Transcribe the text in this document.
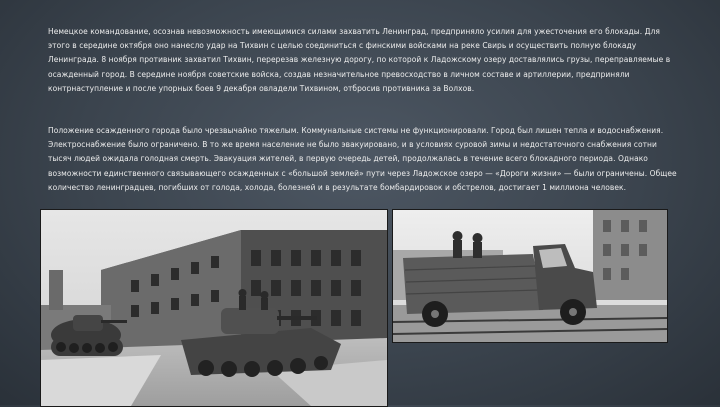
Немецкое командование, осознав невозможность имеющимися силами захватить Ленинград, предприняло усилия для ужесточения его блокады. Для этого в середине октября оно нанесло удар на Тихвин с целью соединиться с финскими войсками на реке Свирь и осуществить полную блокаду Ленинграда. 8 ноября противник захватил Тихвин, перерезав железную дорогу, по которой к Ладожскому озеру доставлялись грузы, переправляемые в осажденный город. В середине ноября советские войска, создав незначительное превосходство в личном составе и артиллерии, предприняли контрнаступление и после упорных боев 9 декабря овладели Тихвином, отбросив противника за Волхов.

Положение осажденного города было чрезвычайно тяжелым. Коммунальные системы не функционировали. Город был лишен тепла и водоснабжения. Электроснабжение было ограничено. В то же время население не было эвакуировано, и в условиях суровой зимы и недостаточного снабжения сотни тысяч людей ожидала голодная смерть. Эвакуация жителей, в первую очередь детей, продолжалась в течение всего блокадного периода. Однако возможности единственного связывающего осажденных с «большой землей» пути через Ладожское озеро — «Дороги жизни» — были ограничены. Общее количество ленинградцев, погибших от голода, холода, болезней и в результате бомбардировок и обстрелов, достигает 1 миллиона человек.
